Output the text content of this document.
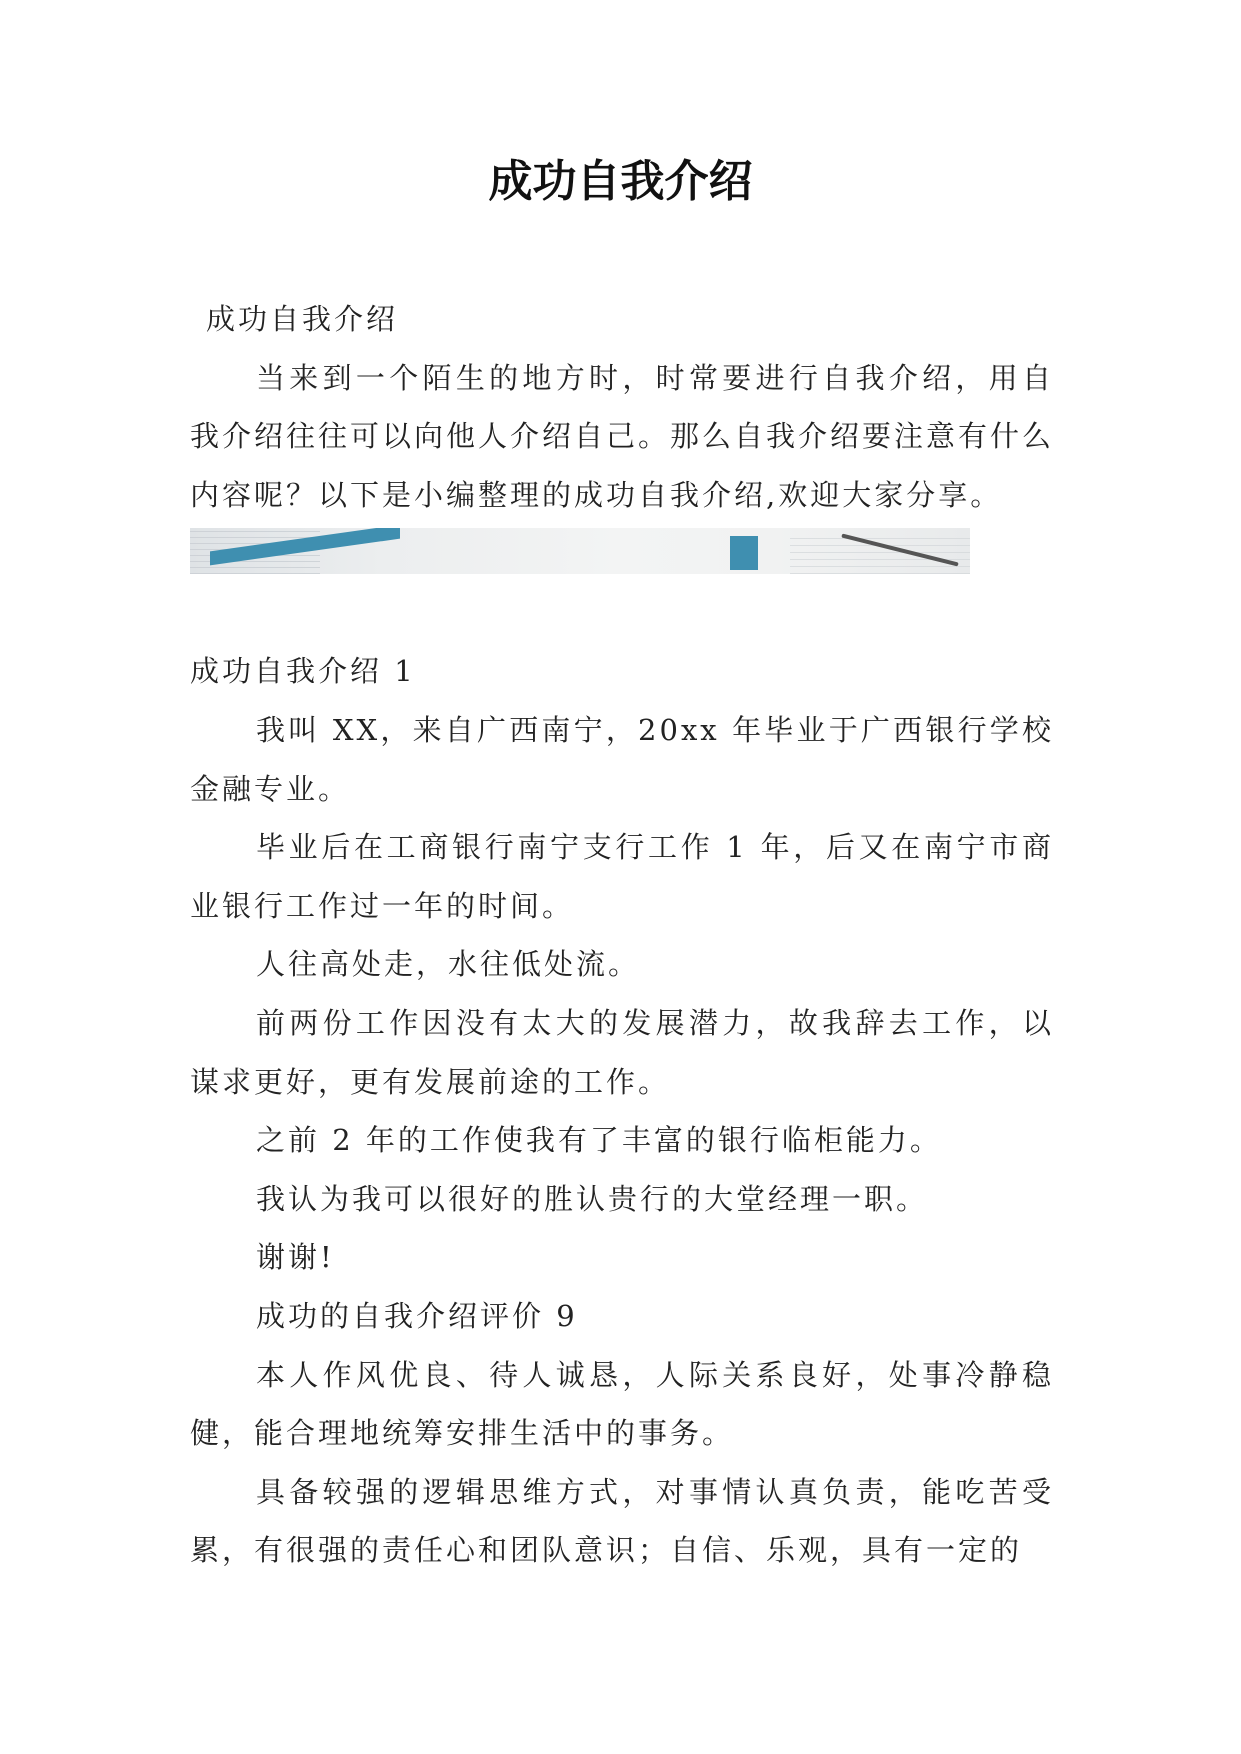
成功自我介绍

成功自我介绍

当来到一个陌生的地方时，时常要进行自我介绍，用自我介绍往往可以向他人介绍自己。那么自我介绍要注意有什么内容呢？以下是小编整理的成功自我介绍,欢迎大家分享。

成功自我介绍 1

我叫 XX，来自广西南宁，20xx 年毕业于广西银行学校金融专业。

毕业后在工商银行南宁支行工作 1 年，后又在南宁市商业银行工作过一年的时间。

人往高处走，水往低处流。

前两份工作因没有太大的发展潜力，故我辞去工作，以谋求更好，更有发展前途的工作。

之前 2 年的工作使我有了丰富的银行临柜能力。

我认为我可以很好的胜认贵行的大堂经理一职。

谢谢!

成功的自我介绍评价 9

本人作风优良、待人诚恳，人际关系良好，处事冷静稳健，能合理地统筹安排生活中的事务。

具备较强的逻辑思维方式，对事情认真负责，能吃苦受累，有很强的责任心和团队意识；自信、乐观，具有一定的
